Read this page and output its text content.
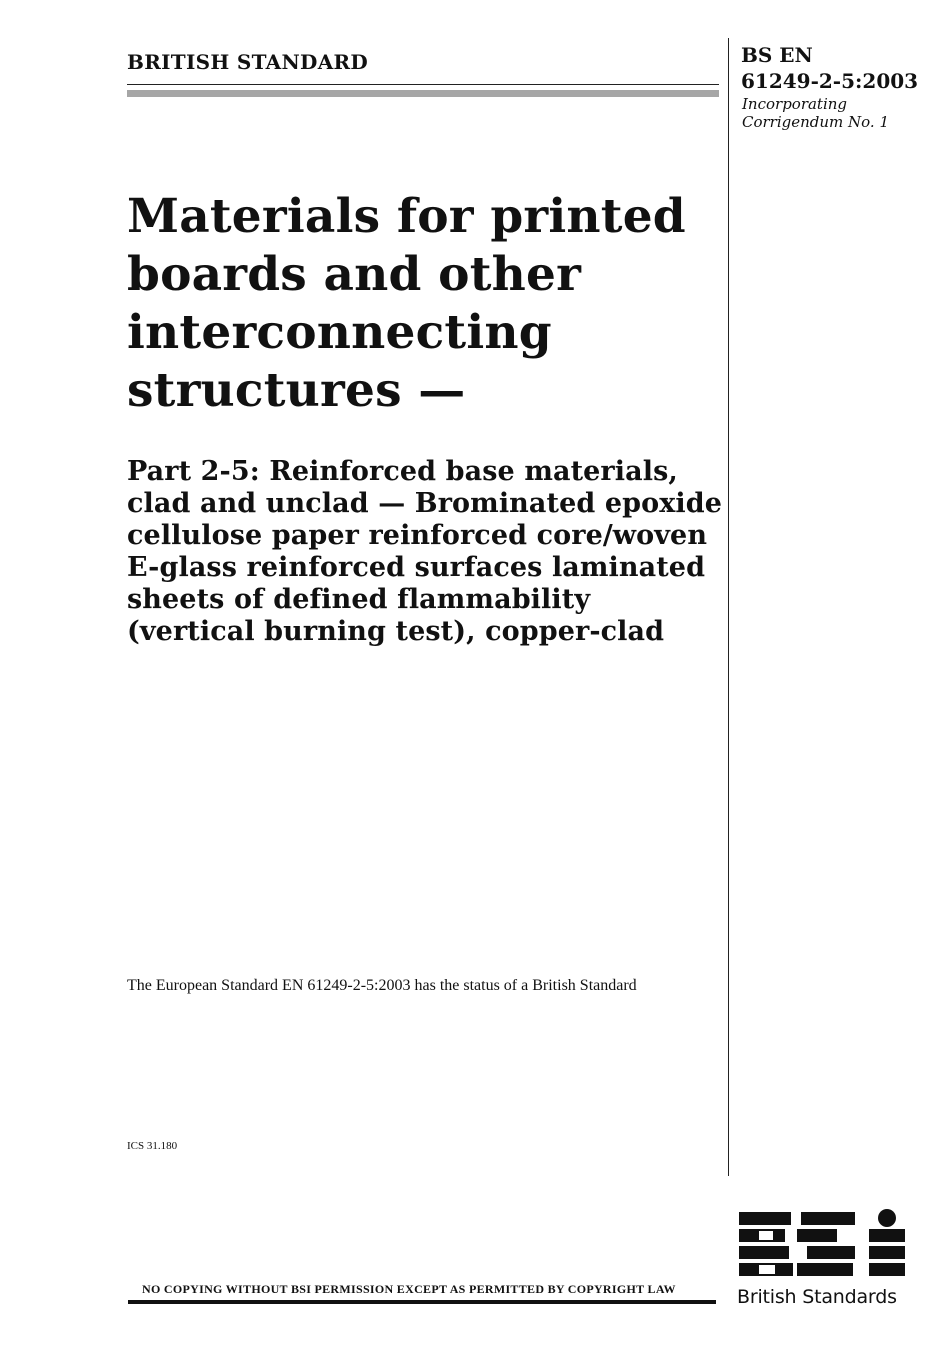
BRITISH STANDARD	BS EN
61249-2-5:2003
Incorporating
Corrigendum No. 1
Materials for printed boards and other interconnecting structures —
Part 2-5: Reinforced base materials, clad and unclad — Brominated epoxide cellulose paper reinforced core/woven E-glass reinforced surfaces laminated sheets of defined flammability (vertical burning test), copper-clad
The European Standard EN 61249-2-5:2003 has the status of a British Standard
ICS 31.180
NO COPYING WITHOUT BSI PERMISSION EXCEPT AS PERMITTED BY COPYRIGHT LAW	British Standards
